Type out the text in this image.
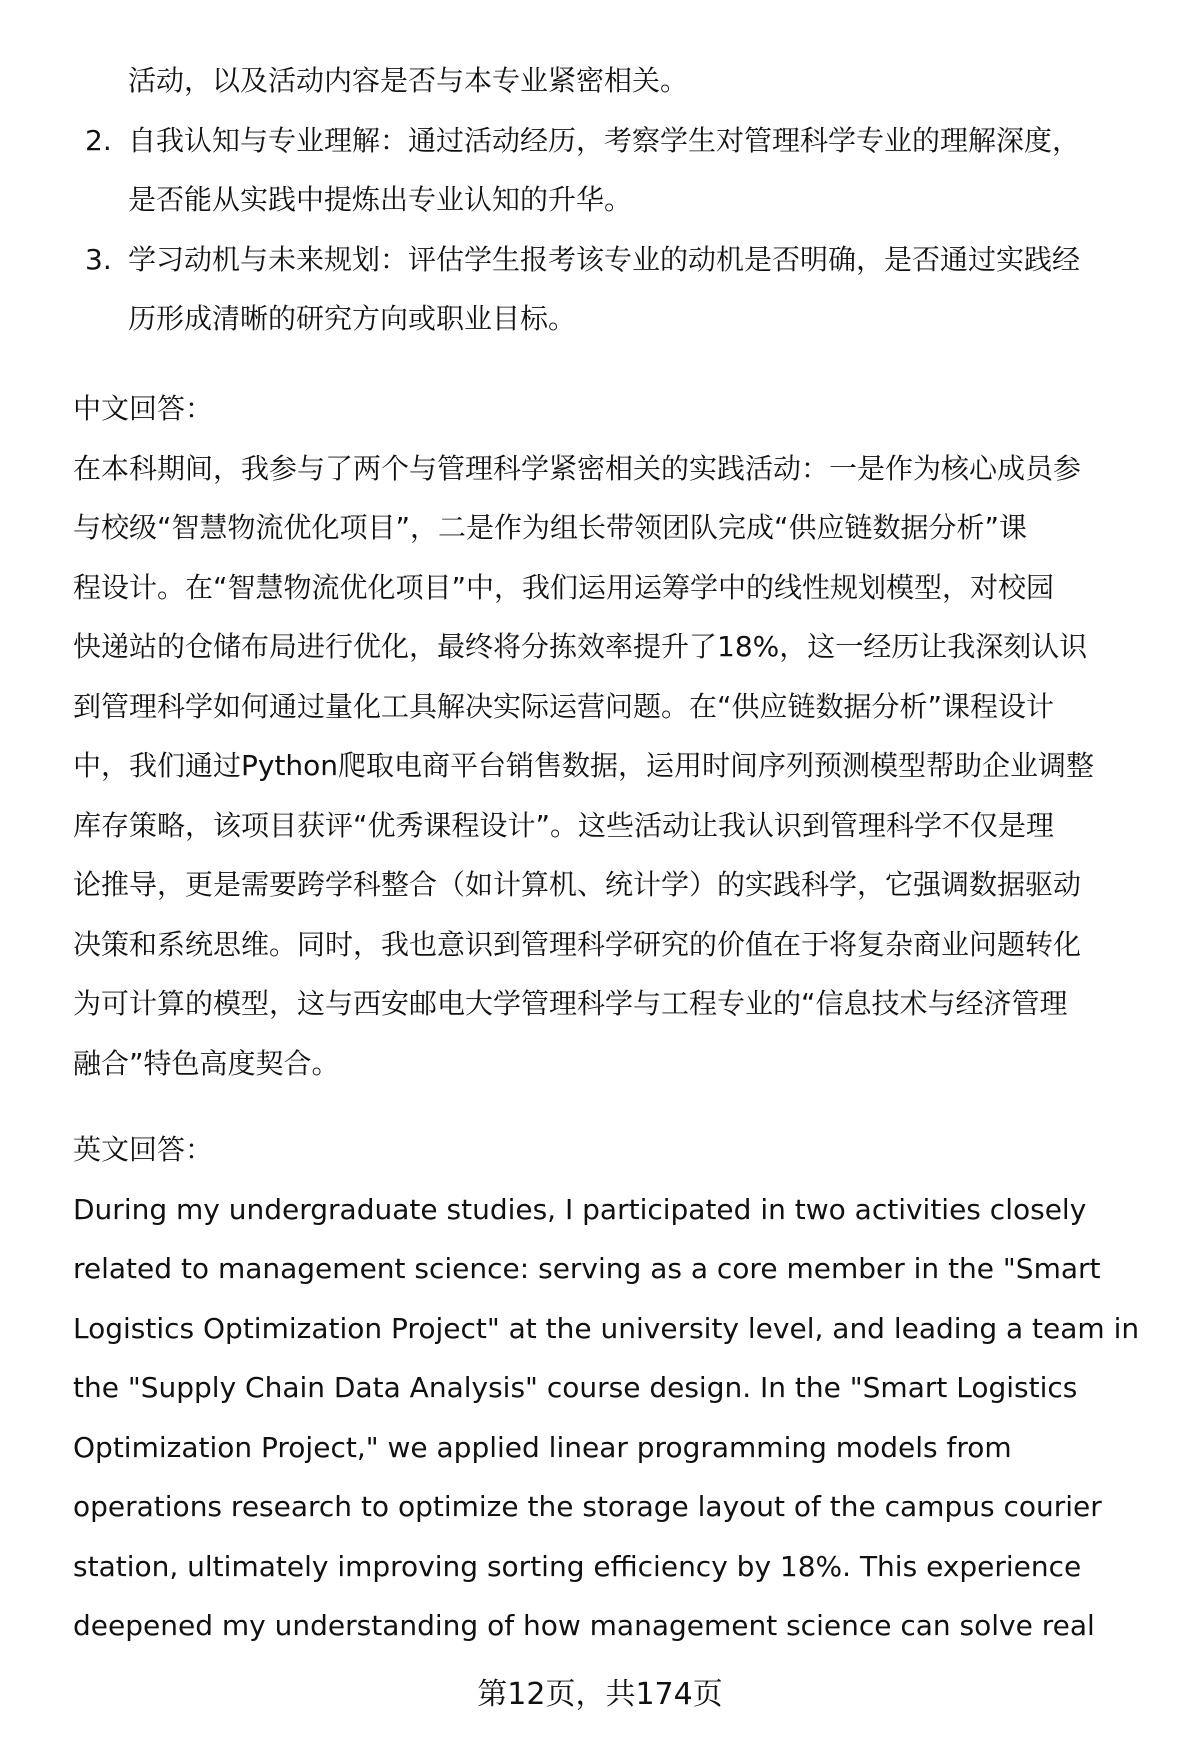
活动，以及活动内容是否与本专业紧密相关。
2. 自我认知与专业理解：通过活动经历，考察学生对管理科学专业的理解深度，
是否能从实践中提炼出专业认知的升华。
3. 学习动机与未来规划：评估学生报考该专业的动机是否明确，是否通过实践经
历形成清晰的研究方向或职业目标。
中文回答：
在本科期间，我参与了两个与管理科学紧密相关的实践活动：一是作为核心成员参
与校级“智慧物流优化项目”，二是作为组长带领团队完成“供应链数据分析”课
程设计。在“智慧物流优化项目”中，我们运用运筹学中的线性规划模型，对校园
快递站的仓储布局进行优化，最终将分拣效率提升了18%，这一经历让我深刻认识
到管理科学如何通过量化工具解决实际运营问题。在“供应链数据分析”课程设计
中，我们通过Python爬取电商平台销售数据，运用时间序列预测模型帮助企业调整
库存策略，该项目获评“优秀课程设计”。这些活动让我认识到管理科学不仅是理
论推导，更是需要跨学科整合（如计算机、统计学）的实践科学，它强调数据驱动
决策和系统思维。同时，我也意识到管理科学研究的价值在于将复杂商业问题转化
为可计算的模型，这与西安邮电大学管理科学与工程专业的“信息技术与经济管理
融合”特色高度契合。
英文回答：
During my undergraduate studies, I participated in two activities closely
related to management science: serving as a core member in the "Smart
Logistics Optimization Project" at the university level, and leading a team in
the "Supply Chain Data Analysis" course design. In the "Smart Logistics
Optimization Project," we applied linear programming models from
operations research to optimize the storage layout of the campus courier
station, ultimately improving sorting efficiency by 18%. This experience
deepened my understanding of how management science can solve real
第12页，共174页
